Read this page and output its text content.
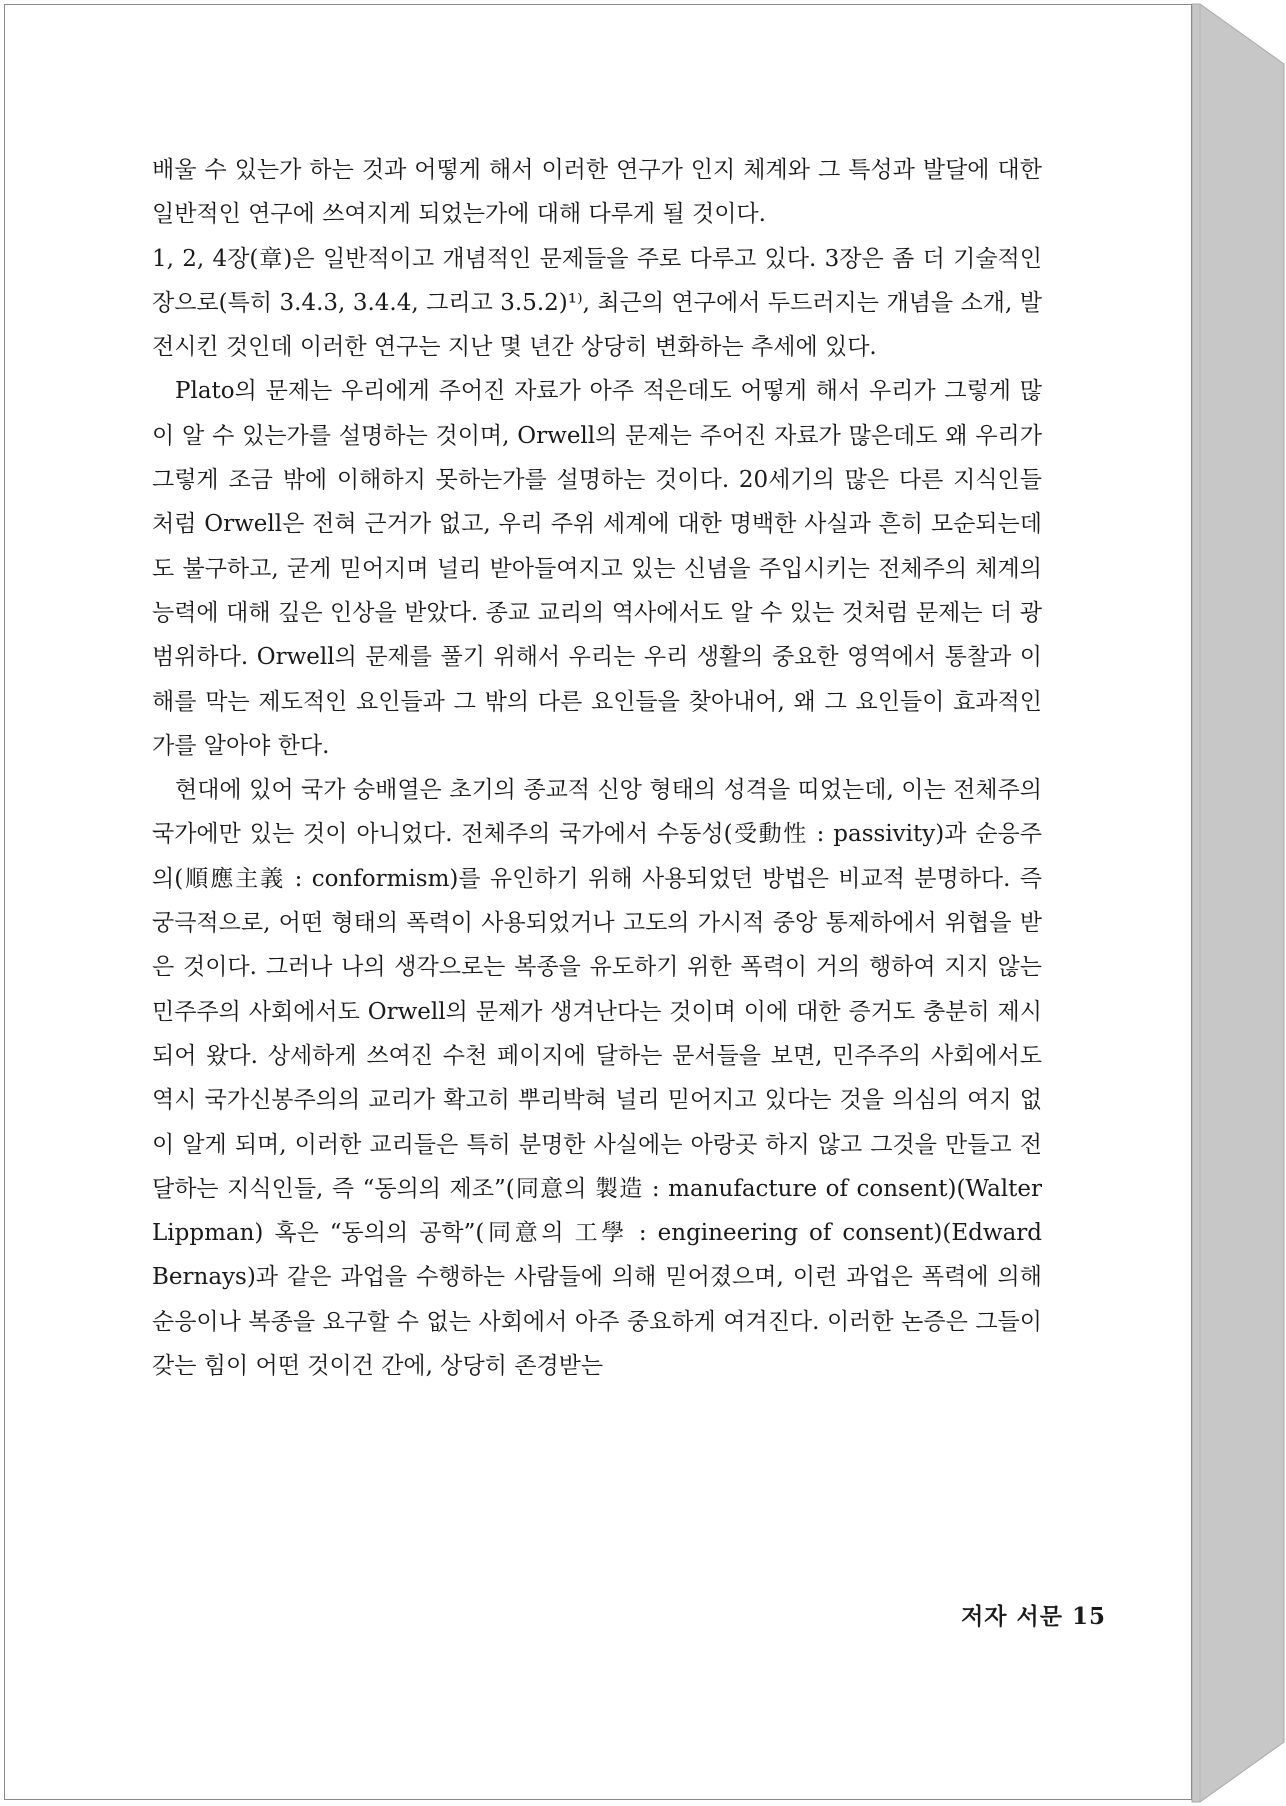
배울 수 있는가 하는 것과 어떻게 해서 이러한 연구가 인지 체계와 그 특성과 발달에 대한 일반적인 연구에 쓰여지게 되었는가에 대해 다루게 될 것이다.

1, 2, 4장(章)은 일반적이고 개념적인 문제들을 주로 다루고 있다. 3장은 좀 더 기술적인 장으로(특히 3.4.3, 3.4.4, 그리고 3.5.2)¹⁾, 최근의 연구에서 두드러지는 개념을 소개, 발전시킨 것인데 이러한 연구는 지난 몇 년간 상당히 변화하는 추세에 있다.

Plato의 문제는 우리에게 주어진 자료가 아주 적은데도 어떻게 해서 우리가 그렇게 많이 알 수 있는가를 설명하는 것이며, Orwell의 문제는 주어진 자료가 많은데도 왜 우리가 그렇게 조금 밖에 이해하지 못하는가를 설명하는 것이다. 20세기의 많은 다른 지식인들 처럼 Orwell은 전혀 근거가 없고, 우리 주위 세계에 대한 명백한 사실과 흔히 모순되는데도 불구하고, 굳게 믿어지며 널리 받아들여지고 있는 신념을 주입시키는 전체주의 체계의 능력에 대해 깊은 인상을 받았다. 종교 교리의 역사에서도 알 수 있는 것처럼 문제는 더 광범위하다. Orwell의 문제를 풀기 위해서 우리는 우리 생활의 중요한 영역에서 통찰과 이해를 막는 제도적인 요인들과 그 밖의 다른 요인들을 찾아내어, 왜 그 요인들이 효과적인가를 알아야 한다.

현대에 있어 국가 숭배열은 초기의 종교적 신앙 형태의 성격을 띠었는데, 이는 전체주의 국가에만 있는 것이 아니었다. 전체주의 국가에서 수동성(受動性 : passivity)과 순응주의(順應主義 : conformism)를 유인하기 위해 사용되었던 방법은 비교적 분명하다. 즉 궁극적으로, 어떤 형태의 폭력이 사용되었거나 고도의 가시적 중앙 통제하에서 위협을 받은 것이다. 그러나 나의 생각으로는 복종을 유도하기 위한 폭력이 거의 행하여 지지 않는 민주주의 사회에서도 Orwell의 문제가 생겨난다는 것이며 이에 대한 증거도 충분히 제시되어 왔다. 상세하게 쓰여진 수천 페이지에 달하는 문서들을 보면, 민주주의 사회에서도 역시 국가신봉주의의 교리가 확고히 뿌리박혀 널리 믿어지고 있다는 것을 의심의 여지 없이 알게 되며, 이러한 교리들은 특히 분명한 사실에는 아랑곳 하지 않고 그것을 만들고 전달하는 지식인들, 즉 “동의의 제조”(同意의 製造 : manufacture of consent)(Walter Lippman) 혹은 “동의의 공학”(同意의 工學 : engineering of consent)(Edward Bernays)과 같은 과업을 수행하는 사람들에 의해 믿어졌으며, 이런 과업은 폭력에 의해 순응이나 복종을 요구할 수 없는 사회에서 아주 중요하게 여겨진다. 이러한 논증은 그들이 갖는 힘이 어떤 것이건 간에, 상당히 존경받는

저자 서문 15
